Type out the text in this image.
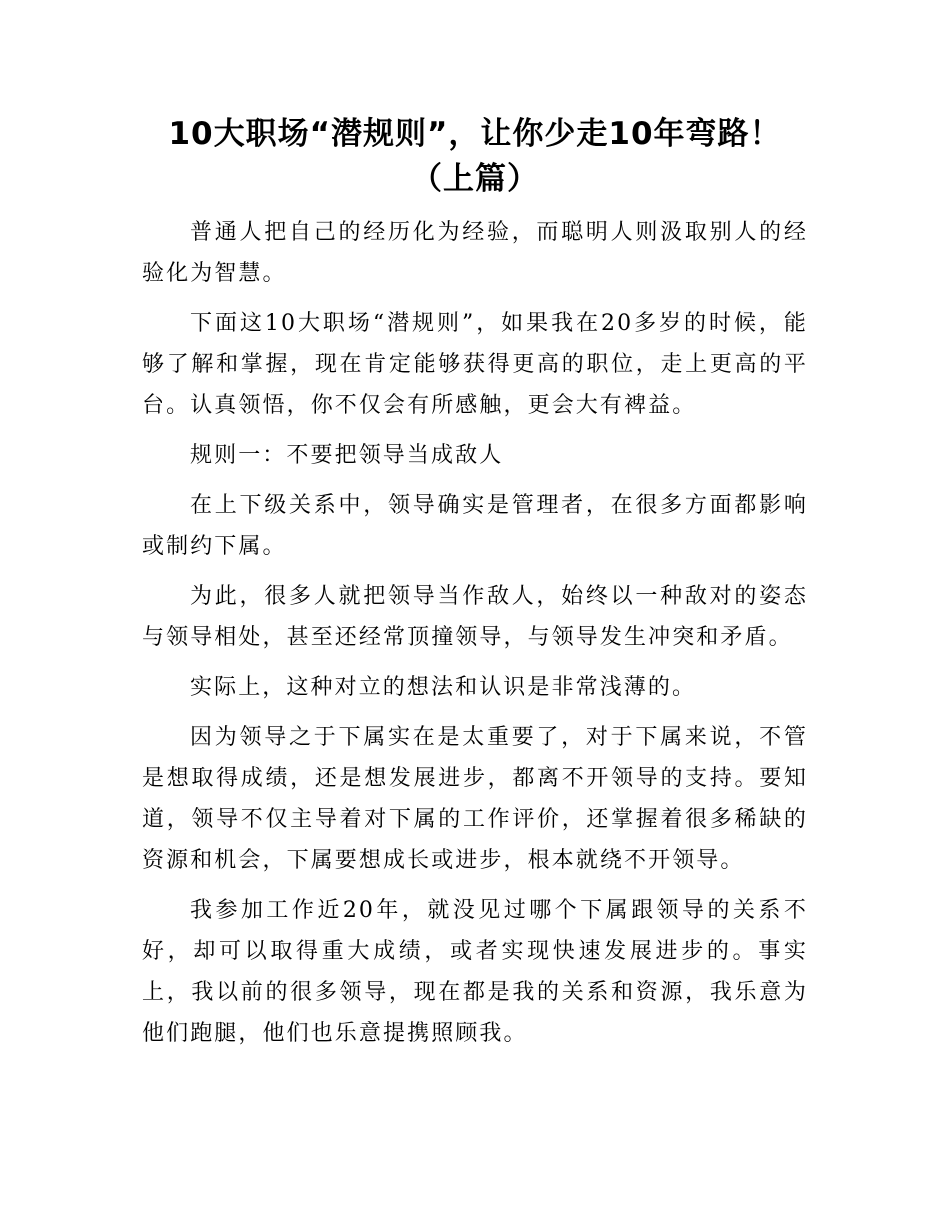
10大职场“潜规则”，让你少走10年弯路！
（上篇）

普通人把自己的经历化为经验，而聪明人则汲取别人的经验化为智慧。

下面这10大职场“潜规则”，如果我在20多岁的时候，能够了解和掌握，现在肯定能够获得更高的职位，走上更高的平台。认真领悟，你不仅会有所感触，更会大有裨益。

规则一：不要把领导当成敌人

在上下级关系中，领导确实是管理者，在很多方面都影响或制约下属。

为此，很多人就把领导当作敌人，始终以一种敌对的姿态与领导相处，甚至还经常顶撞领导，与领导发生冲突和矛盾。

实际上，这种对立的想法和认识是非常浅薄的。

因为领导之于下属实在是太重要了，对于下属来说，不管是想取得成绩，还是想发展进步，都离不开领导的支持。要知道，领导不仅主导着对下属的工作评价，还掌握着很多稀缺的资源和机会，下属要想成长或进步，根本就绕不开领导。

我参加工作近20年，就没见过哪个下属跟领导的关系不好，却可以取得重大成绩，或者实现快速发展进步的。事实上，我以前的很多领导，现在都是我的关系和资源，我乐意为他们跑腿，他们也乐意提携照顾我。
